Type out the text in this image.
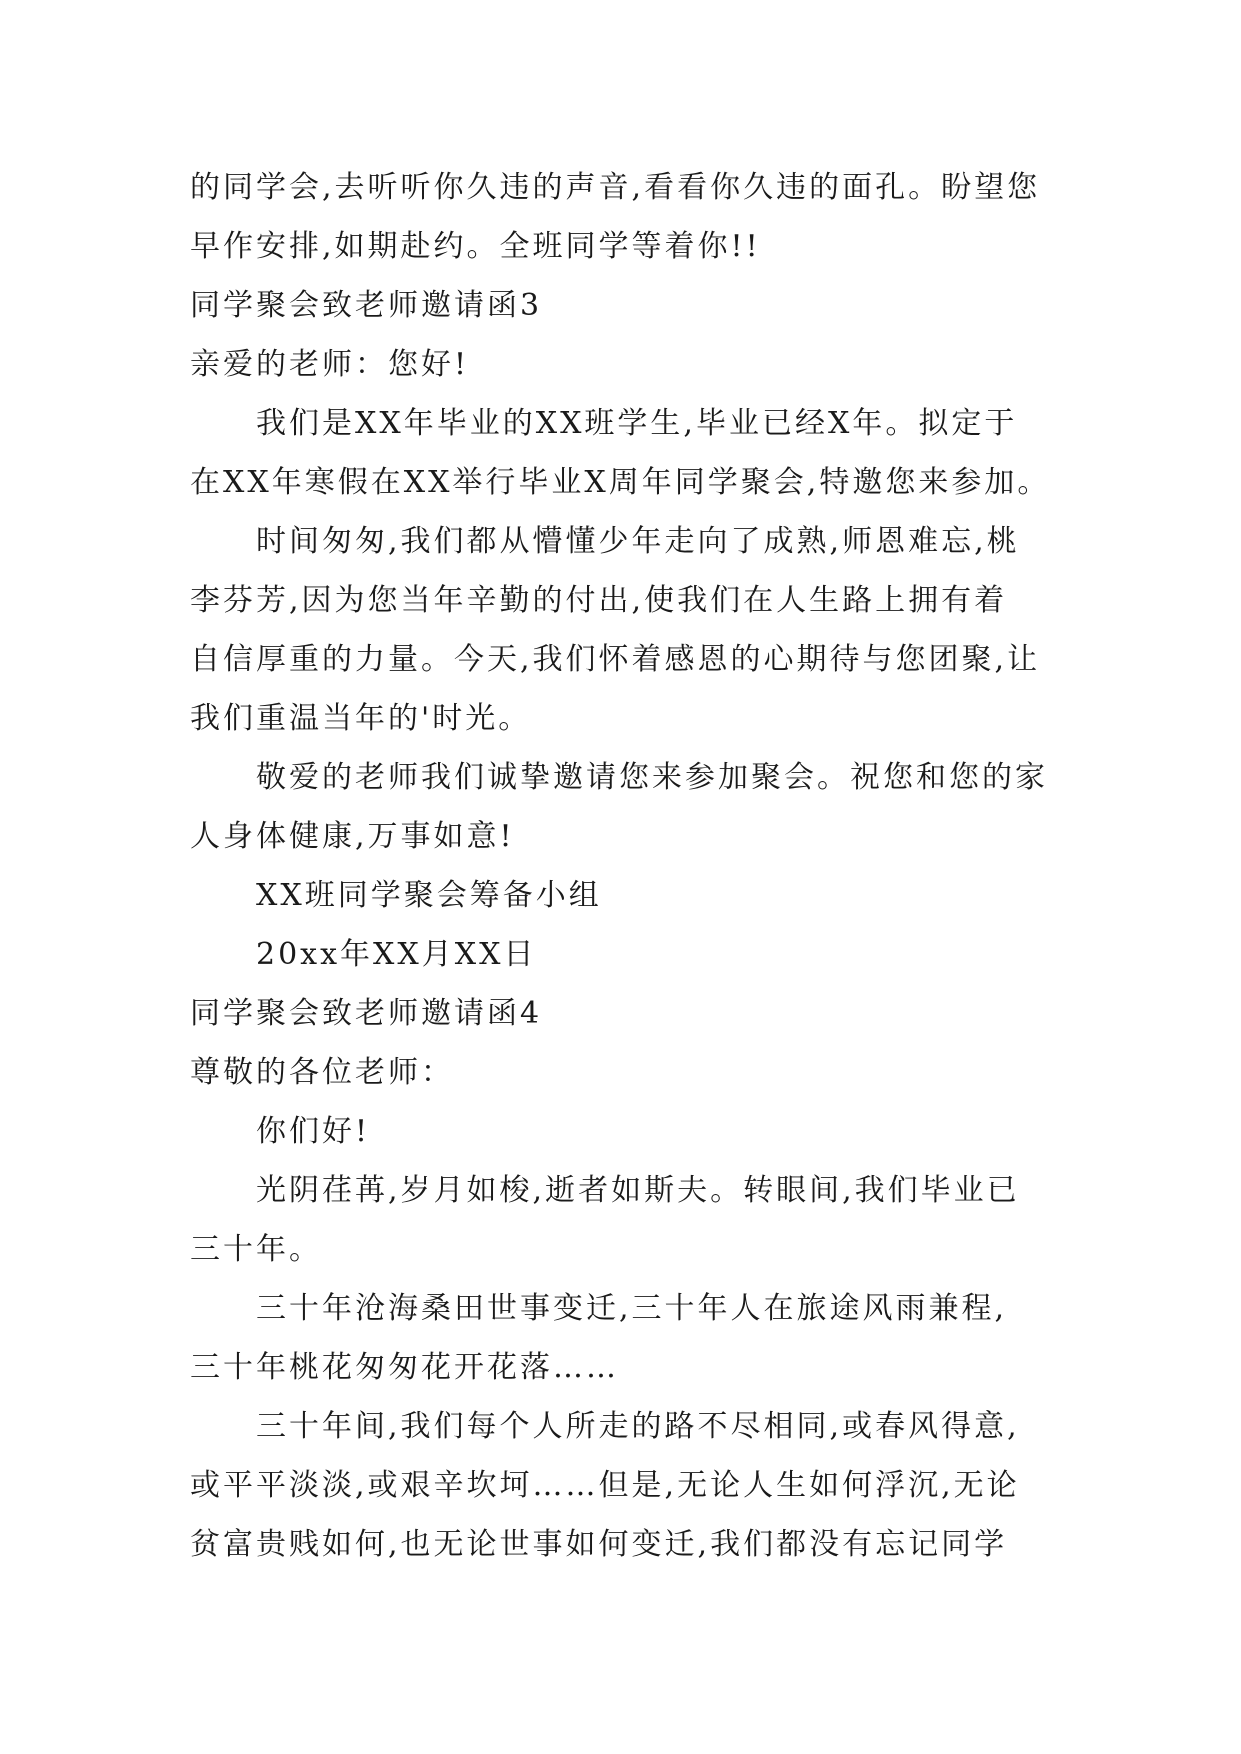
的同学会,去听听你久违的声音,看看你久违的面孔。盼望您

早作安排,如期赴约。全班同学等着你!!

同学聚会致老师邀请函3

亲爱的老师：您好!

我们是XX年毕业的XX班学生,毕业已经X年。拟定于

在XX年寒假在XX举行毕业X周年同学聚会,特邀您来参加。

时间匆匆,我们都从懵懂少年走向了成熟,师恩难忘,桃

李芬芳,因为您当年辛勤的付出,使我们在人生路上拥有着

自信厚重的力量。今天,我们怀着感恩的心期待与您团聚,让

我们重温当年的'时光。

敬爱的老师我们诚挚邀请您来参加聚会。祝您和您的家

人身体健康,万事如意!

XX班同学聚会筹备小组

20xx年XX月XX日

同学聚会致老师邀请函4

尊敬的各位老师：

你们好!

光阴荏苒,岁月如梭,逝者如斯夫。转眼间,我们毕业已

三十年。

三十年沧海桑田世事变迁,三十年人在旅途风雨兼程,

三十年桃花匆匆花开花落……

三十年间,我们每个人所走的路不尽相同,或春风得意,

或平平淡淡,或艰辛坎坷……但是,无论人生如何浮沉,无论

贫富贵贱如何,也无论世事如何变迁,我们都没有忘记同学
